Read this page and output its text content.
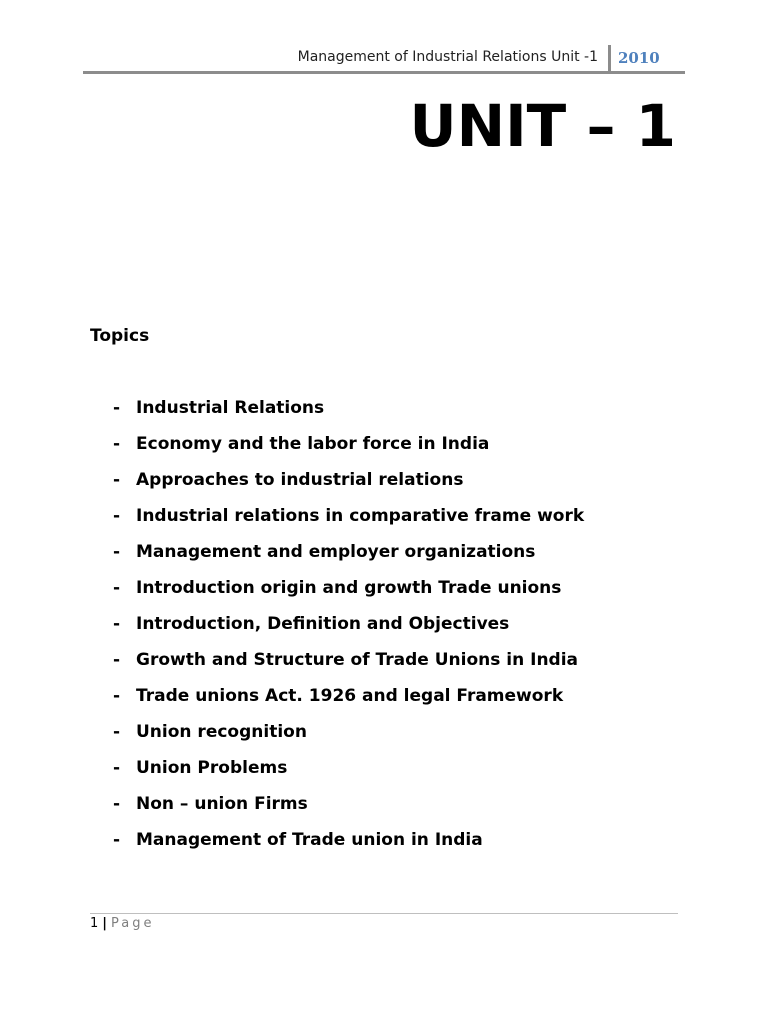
Management of Industrial Relations Unit -1 2010
UNIT – 1
Topics
- Industrial Relations
- Economy and the labor force in India
- Approaches to industrial relations
- Industrial relations in comparative frame work
- Management and employer organizations
- Introduction origin and growth Trade unions
- Introduction, Definition and Objectives
- Growth and Structure of Trade Unions in India
- Trade unions Act. 1926 and legal Framework
- Union recognition
- Union Problems
- Non – union Firms
- Management of Trade union in India
1 | Page
